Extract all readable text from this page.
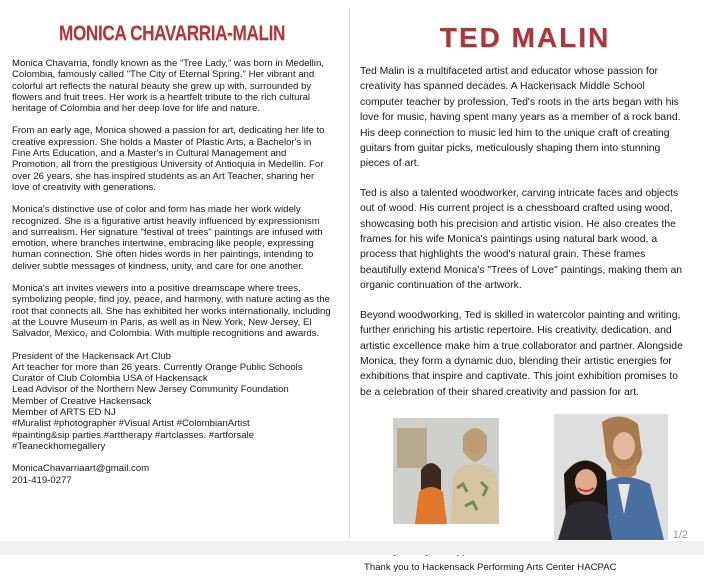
MONICA CHAVARRIA-MALIN

Monica Chavarria, fondly known as the “Tree Lady,” was born in Medellin, Colombia, famously called "The City of Eternal Spring." Her vibrant and colorful art reflects the natural beauty she grew up with, surrounded by flowers and fruit trees. Her work is a heartfelt tribute to the rich cultural heritage of Colombia and her deep love for life and nature.

From an early age, Monica showed a passion for art, dedicating her life to creative expression. She holds a Master of Plastic Arts, a Bachelor's in Fine Arts Education, and a Master's in Cultural Management and Promotion, all from the prestigious University of Antioquia in Medellin. For over 26 years, she has inspired students as an Art Teacher, sharing her love of creativity with generations.

Monica's distinctive use of color and form has made her work widely recognized. She is a figurative artist heavily influenced by expressionism and surrealism. Her signature "festival of trees" paintings are infused with emotion, where branches intertwine, embracing like people, expressing human connection. She often hides words in her paintings, intending to deliver subtle messages of kindness, unity, and care for one another.

Monica's art invites viewers into a positive dreamscape where trees, symbolizing people, find joy, peace, and harmony, with nature acting as the root that connects all. She has exhibited her works internationally, including at the Louvre Museum in Paris, as well as in New York, New Jersey, El Salvador, Mexico, and Colombia. With multiple recognitions and awards.

President of the Hackensack Art Club
Art teacher for more than 26 years. Currently Orange Public Schools
Curator of Club Colombia USA of Hackensack
Lead Advisor of the Northern New Jersey Community Foundation
Member of Creative Hackensack
Member of ARTS ED NJ
#Muralist #photographer #Visual Artist #ColombianArtist
#painting&sip parties #arttherapy #artclasses. #artforsale
#Teaneckhomegallery
MonicaChavarriaart@gmail.com
201-419-0277
TED MALIN

Ted Malin is a multifaceted artist and educator whose passion for creativity has spanned decades. A Hackensack Middle School computer teacher by profession, Ted's roots in the arts began with his love for music, having spent many years as a member of a rock band. His deep connection to music led him to the unique craft of creating guitars from guitar picks, meticulously shaping them into stunning pieces of art.

Ted is also a talented woodworker, carving intricate faces and objects out of wood. His current project is a chessboard crafted using wood, showcasing both his precision and artistic vision. He also creates the frames for his wife Monica's paintings using natural bark wood, a process that highlights the wood's natural grain. These frames beautifully extend Monica's "Trees of Love" paintings, making them an organic continuation of the artwork.

Beyond woodworking, Ted is skilled in watercolor painting and writing, further enriching his artistic repertoire. His creativity, dedication, and artistic excellence make him a true collaborator and partner. Alongside Monica, they form a dynamic duo, blending their artistic energies for exhibitions that inspire and captivate. This joint exhibition promises to be a celebration of their shared creativity and passion for art.

Thank you to Hackensack Performing Arts Center HACPAC
1/2
